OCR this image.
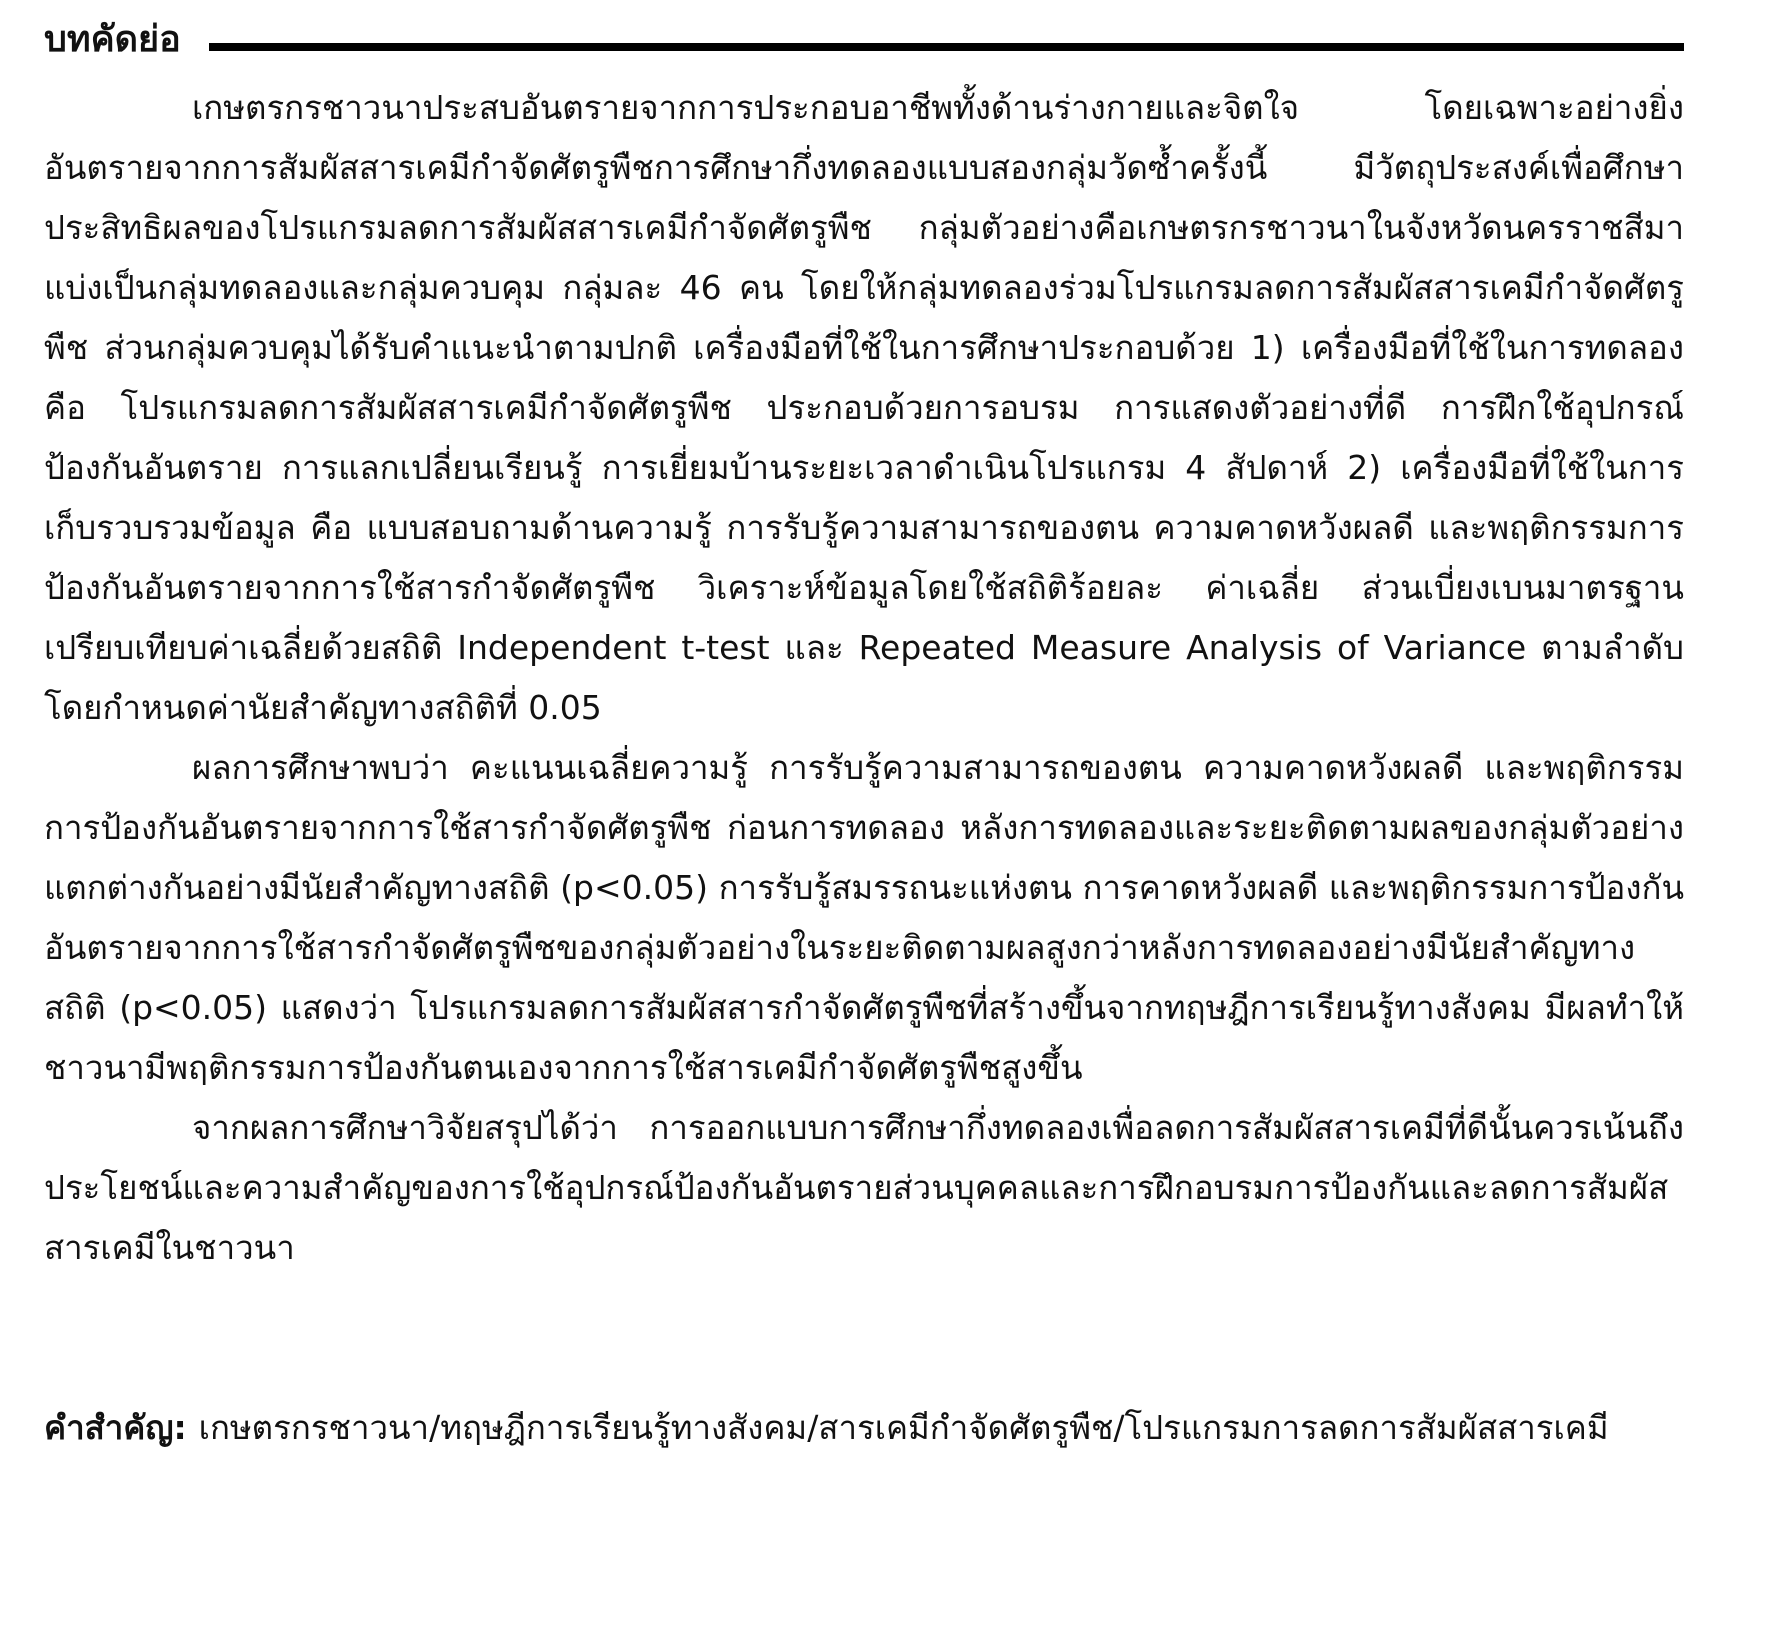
บทคัดย่อ

เกษตรกรชาวนาประสบอันตรายจากการประกอบอาชีพทั้งด้านร่างกายและจิตใจ โดยเฉพาะอย่างยิ่งอันตรายจากการสัมผัสสารเคมีกำจัดศัตรูพืชการศึกษากึ่งทดลองแบบสองกลุ่มวัดซ้ำครั้งนี้ มีวัตถุประสงค์เพื่อศึกษาประสิทธิผลของโปรแกรมลดการสัมผัสสารเคมีกำจัดศัตรูพืช กลุ่มตัวอย่างคือเกษตรกรชาวนาในจังหวัดนครราชสีมา แบ่งเป็นกลุ่มทดลองและกลุ่มควบคุม กลุ่มละ 46 คน โดยให้กลุ่มทดลองร่วมโปรแกรมลดการสัมผัสสารเคมีกำจัดศัตรูพืช ส่วนกลุ่มควบคุมได้รับคำแนะนำตามปกติ เครื่องมือที่ใช้ในการศึกษาประกอบด้วย 1) เครื่องมือที่ใช้ในการทดลอง คือ โปรแกรมลดการสัมผัสสารเคมีกำจัดศัตรูพืช ประกอบด้วยการอบรม การแสดงตัวอย่างที่ดี การฝึกใช้อุปกรณ์ป้องกันอันตราย การแลกเปลี่ยนเรียนรู้ การเยี่ยมบ้านระยะเวลาดำเนินโปรแกรม 4 สัปดาห์ 2) เครื่องมือที่ใช้ในการเก็บรวบรวมข้อมูล คือ แบบสอบถามด้านความรู้ การรับรู้ความสามารถของตน ความคาดหวังผลดี และพฤติกรรมการป้องกันอันตรายจากการใช้สารกำจัดศัตรูพืช วิเคราะห์ข้อมูลโดยใช้สถิติร้อยละ ค่าเฉลี่ย ส่วนเบี่ยงเบนมาตรฐาน เปรียบเทียบค่าเฉลี่ยด้วยสถิติ Independent t-test และ Repeated Measure Analysis of Variance ตามลำดับ โดยกำหนดค่านัยสำคัญทางสถิติที่ 0.05

ผลการศึกษาพบว่า คะแนนเฉลี่ยความรู้ การรับรู้ความสามารถของตน ความคาดหวังผลดี และพฤติกรรมการป้องกันอันตรายจากการใช้สารกำจัดศัตรูพืช ก่อนการทดลอง หลังการทดลองและระยะติดตามผลของกลุ่มตัวอย่างแตกต่างกันอย่างมีนัยสำคัญทางสถิติ (p<0.05) การรับรู้สมรรถนะแห่งตน การคาดหวังผลดี และพฤติกรรมการป้องกันอันตรายจากการใช้สารกำจัดศัตรูพืชของกลุ่มตัวอย่างในระยะติดตามผลสูงกว่าหลังการทดลองอย่างมีนัยสำคัญทางสถิติ (p<0.05) แสดงว่า โปรแกรมลดการสัมผัสสารกำจัดศัตรูพืชที่สร้างขึ้นจากทฤษฎีการเรียนรู้ทางสังคม มีผลทำให้ชาวนามีพฤติกรรมการป้องกันตนเองจากการใช้สารเคมีกำจัดศัตรูพืชสูงขึ้น

จากผลการศึกษาวิจัยสรุปได้ว่า การออกแบบการศึกษากึ่งทดลองเพื่อลดการสัมผัสสารเคมีที่ดีนั้นควรเน้นถึงประโยชน์และความสำคัญของการใช้อุปกรณ์ป้องกันอันตรายส่วนบุคคลและการฝึกอบรมการป้องกันและลดการสัมผัสสารเคมีในชาวนา

คำสำคัญ: เกษตรกรชาวนา/ทฤษฎีการเรียนรู้ทางสังคม/สารเคมีกำจัดศัตรูพืช/โปรแกรมการลดการสัมผัสสารเคมี
